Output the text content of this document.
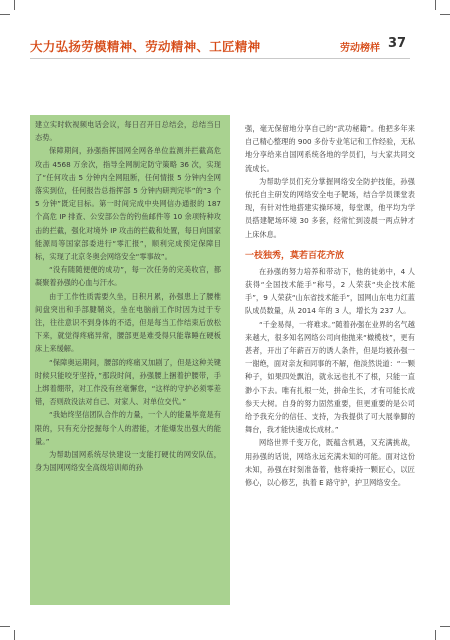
大力弘扬劳模精神、劳动精神、工匠精神	劳动榜样 37

建立实时软视频电话会议，每日召开日总结会，总结当日态势。

保障期间，孙强指挥国网全网各单位监测并拦截高危攻击 4568 万余次，指导全网制定防守策略 36 次，实现了“任何攻击 5 分钟内全网阻断，任何情报 5 分钟内全网落实到位，任何报告总指挥部 5 分钟内研判完毕”的“3 个 5 分钟”既定目标。第一时间完成中央网信办通报的 187 个高危 IP 排查、公安部公告的钓鱼邮件等 10 余项特种攻击的拦截，强化对境外 IP 攻击的拦截和处置，每日向国家能源局等国家部委进行“零汇报”，顺利完成预定保障目标，实现了北京冬奥会网络安全“零事故”。

“没有随随便便的成功”，每一次任务的完美收官，都凝聚着孙强的心血与汗水。

由于工作性质需要久坐，日积月累，孙强患上了腰椎间盘突出和手部腱鞘炎，坐在电脑前工作时因为过于专注，往往意识不到身体的不适，但是每当工作结束后放松下来，就觉得疼痛异常，腰部更是难受得只能靠睡在硬板床上来缓解。

“保障奥运期间，腰部的疼痛又加剧了，但是这种关键时候只能咬牙坚持，”那段时间，孙强腰上捆着护腰带，手上绑着绷带，对工作没有丝毫懈怠，“这样的守护必须零差错，否则敌没法对自己、对家人、对单位交代。”

“我始终坚信团队合作的力量，一个人的能量毕竟是有限的，只有充分挖掘每个人的潜能，才能爆发出强大的能量。”

为帮助国网系统尽快建设一支能打硬仗的网安队伍，身为国网网络安全高级培训师的孙

强，毫无保留地分享自己的“武功秘籍”。他把多年来自己精心整理的 900 多份专业笔记和工作经验，无私地分享给来自国网系统各地的学员们，与大家共同交流成长。

为帮助学员们充分掌握网络安全防护技能，孙强依托自主研发的网络安全电子靶场，结合学员课堂表现，有针对性地搭建实操环境，每堂课，他平均为学员搭建靶场环境 30 多套，经常忙到凌晨一两点钟才上床休息。

一枝独秀，莫若百花齐放

在孙强的努力培养和带动下，他的徒弟中，4 人获得“全国技术能手”称号，2 人荣获“央企技术能手”，9 人荣获“山东省技术能手”，国网山东电力红蓝队成员数量，从 2014 年的 3 人，增长为 237 人。

“千金易得，一将难求。”随着孙强在业界的名气越来越大，很多知名网络公司向他抛来“橄榄枝”，更有甚者，开出了年薪百万的诱人条件，但是均被孙强一一谢绝，面对亲友和同事的不解，他淡然说道：“一颗种子，如果四处飘泊，就永远也扎不了根，只能一直渺小下去。唯有扎根一处，拼命生长，才有可能长成参天大树。自身的努力固然重要，但更重要的是公司给予我充分的信任、支持，为我提供了可大展拳脚的舞台，我才能快速成长成材。”

网络世界千变万化，既蕴含机遇，又充满挑战，用孙强的话说，网络永远充满未知的可能。面对这份未知，孙强在时刻准备着，他将秉持一颗匠心，以匠修心，以心修艺，执着 E 路守护，护卫网络安全。
